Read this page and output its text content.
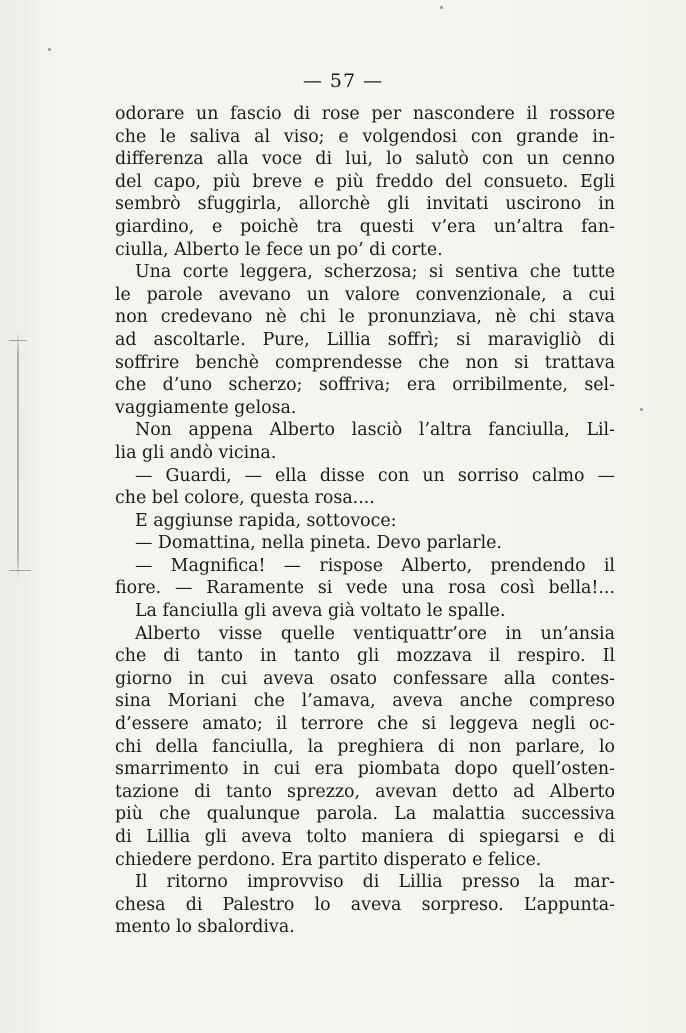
— 57 —
odorare un fascio di rose per nascondere il rossore
che le saliva al viso; e volgendosi con grande in-
differenza alla voce di lui, lo salutò con un cenno
del capo, più breve e più freddo del consueto. Egli
sembrò sfuggirla, allorchè gli invitati uscirono in
giardino, e poichè tra questi v’era un’altra fan-
ciulla, Alberto le fece un po’ di corte.
Una corte leggera, scherzosa; si sentiva che tutte
le parole avevano un valore convenzionale, a cui
non credevano nè chi le pronunziava, nè chi stava
ad ascoltarle. Pure, Lillia soffrì; si maravigliò di
soffrire benchè comprendesse che non si trattava
che d’uno scherzo; soffriva; era orribilmente, sel-
vaggiamente gelosa.
Non appena Alberto lasciò l’altra fanciulla, Lil-
lia gli andò vicina.
— Guardi, — ella disse con un sorriso calmo —
che bel colore, questa rosa....
E aggiunse rapida, sottovoce:
— Domattina, nella pineta. Devo parlarle.
— Magnifica! — rispose Alberto, prendendo il
fiore. — Raramente si vede una rosa così bella!...
La fanciulla gli aveva già voltato le spalle.
Alberto visse quelle ventiquattr’ore in un’ansia
che di tanto in tanto gli mozzava il respiro. Il
giorno in cui aveva osato confessare alla contes-
sina Moriani che l’amava, aveva anche compreso
d’essere amato; il terrore che si leggeva negli oc-
chi della fanciulla, la preghiera di non parlare, lo
smarrimento in cui era piombata dopo quell’osten-
tazione di tanto sprezzo, avevan detto ad Alberto
più che qualunque parola. La malattia successiva
di Lillia gli aveva tolto maniera di spiegarsi e di
chiedere perdono. Era partito disperato e felice.
Il ritorno improvviso di Lillia presso la mar-
chesa di Palestro lo aveva sorpreso. L’appunta-
mento lo sbalordiva.
